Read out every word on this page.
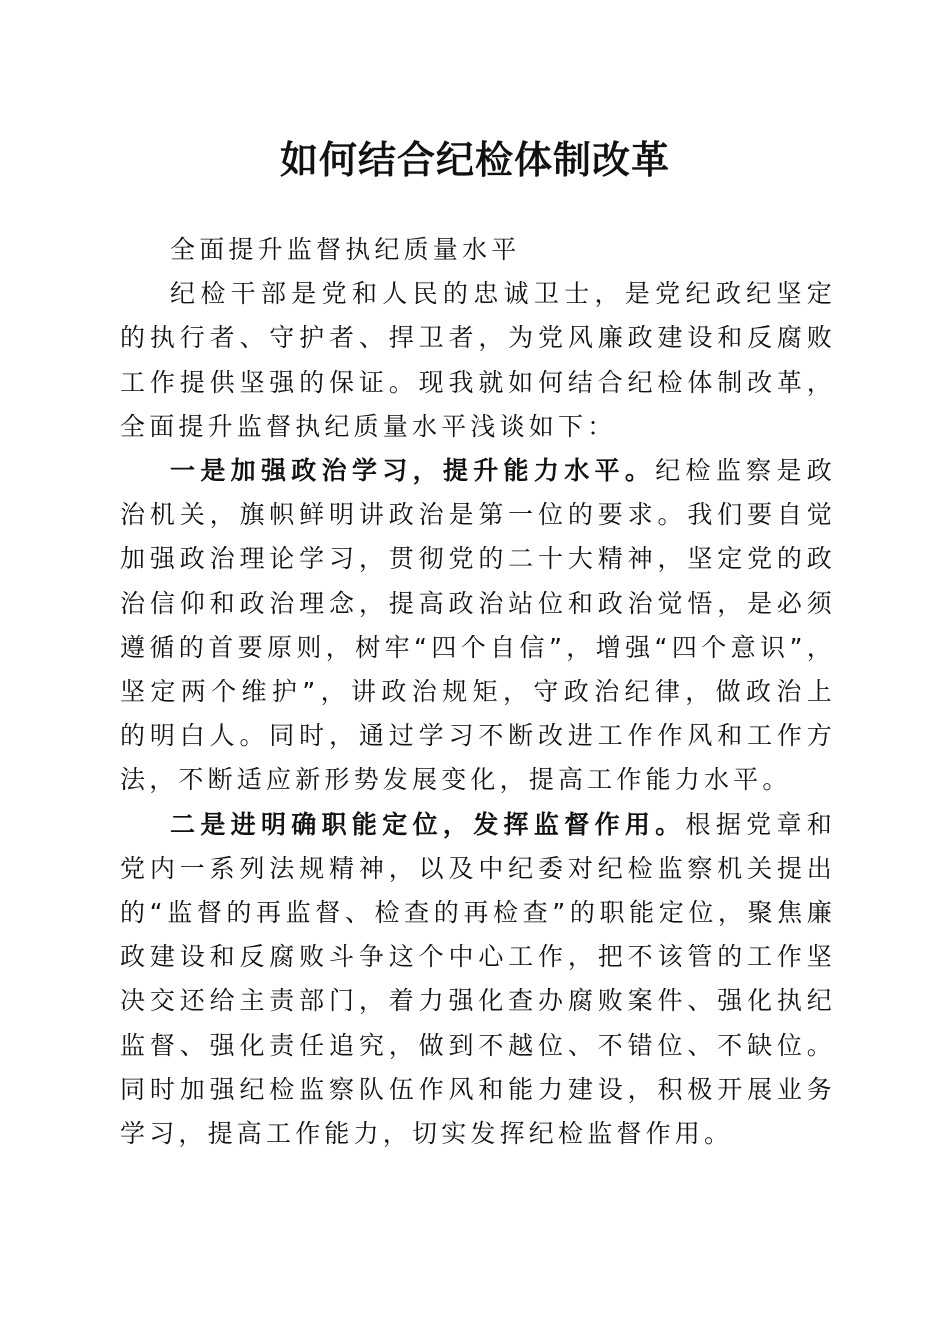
如何结合纪检体制改革

全面提升监督执纪质量水平

纪检干部是党和人民的忠诚卫士，是党纪政纪坚定的执行者、守护者、捍卫者，为党风廉政建设和反腐败工作提供坚强的保证。现我就如何结合纪检体制改革，全面提升监督执纪质量水平浅谈如下：

一是加强政治学习，提升能力水平。纪检监察是政治机关，旗帜鲜明讲政治是第一位的要求。我们要自觉加强政治理论学习，贯彻党的二十大精神，坚定党的政治信仰和政治理念，提高政治站位和政治觉悟，是必须遵循的首要原则，树牢“四个自信”，增强“四个意识”，坚定两个维护”，讲政治规矩，守政治纪律，做政治上的明白人。同时，通过学习不断改进工作作风和工作方法，不断适应新形势发展变化，提高工作能力水平。

二是进明确职能定位，发挥监督作用。根据党章和党内一系列法规精神，以及中纪委对纪检监察机关提出的“监督的再监督、检查的再检查”的职能定位，聚焦廉政建设和反腐败斗争这个中心工作，把不该管的工作坚决交还给主责部门，着力强化查办腐败案件、强化执纪监督、强化责任追究，做到不越位、不错位、不缺位。同时加强纪检监察队伍作风和能力建设，积极开展业务学习，提高工作能力，切实发挥纪检监督作用。
